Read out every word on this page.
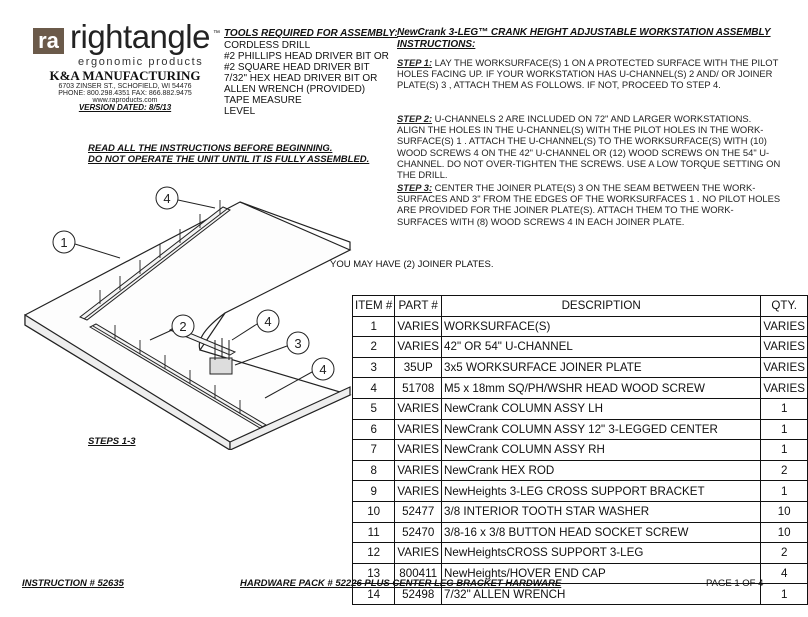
ra rightangle ™
ergonomic products
K&A MANUFACTURING
6703 ZINSER ST., SCHOFIELD, WI 54476
PHONE: 800.298.4351 FAX: 866.882.9475
www.raproducts.com
VERSION DATED: 8/5/13
TOOLS REQUIRED FOR ASSEMBLY:
CORDLESS DRILL
#2 PHILLIPS HEAD DRIVER BIT OR
#2 SQUARE HEAD DRIVER BIT
7/32" HEX HEAD DRIVER BIT OR
ALLEN WRENCH (PROVIDED)
TAPE MEASURE
LEVEL
READ ALL THE INSTRUCTIONS BEFORE BEGINNING.
DO NOT OPERATE THE UNIT UNTIL IT IS FULLY ASSEMBLED.
NewCrank 3-LEG™ CRANK HEIGHT ADJUSTABLE WORKSTATION ASSEMBLY
INSTRUCTIONS:
STEP 1: LAY THE WORKSURFACE(S) 1 ON A PROTECTED SURFACE WITH THE PILOT HOLES FACING UP. IF YOUR WORKSTATION HAS U-CHANNEL(S) 2 AND/ OR JOINER PLATE(S) 3 , ATTACH THEM AS FOLLOWS. IF NOT, PROCEED TO STEP 4.
STEP 2: U-CHANNELS 2 ARE INCLUDED ON 72" AND LARGER WORKSTATIONS. ALIGN THE HOLES IN THE U-CHANNEL(S) WITH THE PILOT HOLES IN THE WORK- SURFACE(S) 1 . ATTACH THE U-CHANNEL(S) TO THE WORKSURFACE(S) WITH (10) WOOD SCREWS 4 ON THE 42" U-CHANNEL OR (12) WOOD SCREWS ON THE 54" U-CHANNEL. DO NOT OVER-TIGHTEN THE SCREWS. USE A LOW TORQUE SETTING ON THE DRILL.
STEP 3: CENTER THE JOINER PLATE(S) 3 ON THE SEAM BETWEEN THE WORK- SURFACES AND 3" FROM THE EDGES OF THE WORKSURFACES 1 . NO PILOT HOLES ARE PROVIDED FOR THE JOINER PLATE(S). ATTACH THEM TO THE WORK- SURFACES WITH (8) WOOD SCREWS 4 IN EACH JOINER PLATE.
YOU MAY HAVE (2) JOINER PLATES.
1
2
3
4
4
4
STEPS 1-3
ITEM #	PART #	DESCRIPTION	QTY.
1	VARIES	WORKSURFACE(S)	VARIES
2	VARIES	42" OR 54" U-CHANNEL	VARIES
3	35UP	3x5 WORKSURFACE JOINER PLATE	VARIES
4	51708	M5 x 18mm SQ/PH/WSHR HEAD WOOD SCREW	VARIES
5	VARIES	NewCrank COLUMN ASSY LH	1
6	VARIES	NewCrank COLUMN ASSY 12" 3-LEGGED CENTER	1
7	VARIES	NewCrank COLUMN ASSY RH	1
8	VARIES	NewCrank HEX ROD	2
9	VARIES	NewHeights 3-LEG CROSS SUPPORT BRACKET	1
10	52477	3/8 INTERIOR TOOTH STAR WASHER	10
11	52470	3/8-16 x 3/8 BUTTON HEAD SOCKET SCREW	10
12	VARIES	NewHeightsCROSS SUPPORT 3-LEG	2
13	800411	NewHeights/HOVER END CAP	4
14	52498	7/32" ALLEN WRENCH	1
INSTRUCTION # 52635	HARDWARE PACK # 52226 PLUS CENTER LEG BRACKET HARDWARE	PAGE 1 OF 4
